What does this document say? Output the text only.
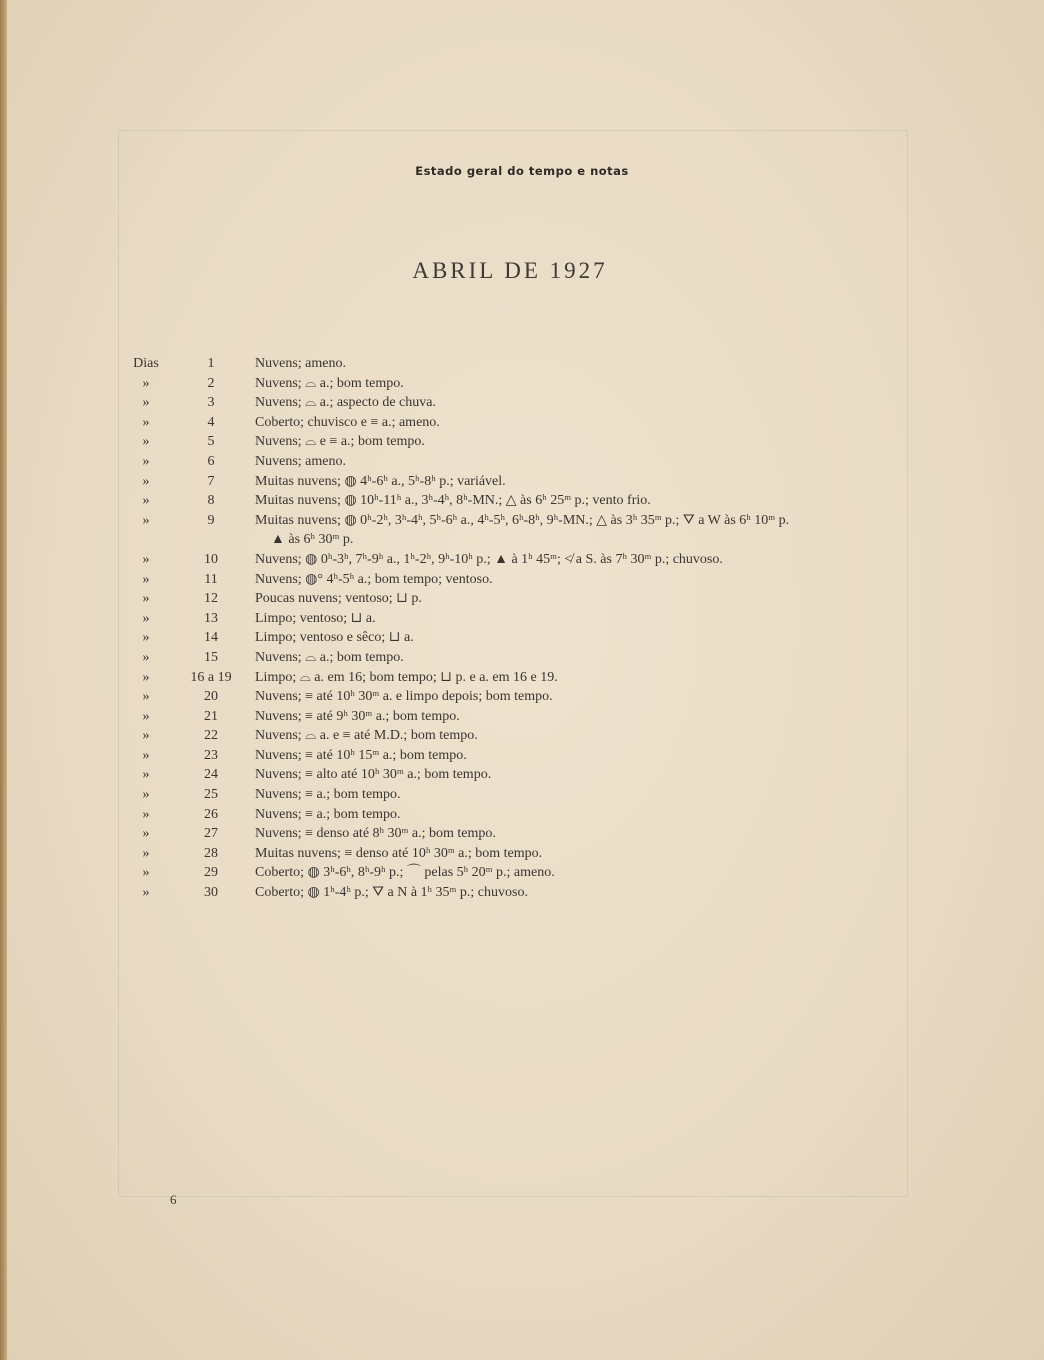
Estado geral do tempo e notas
ABRIL DE 1927
Dias	1	Nuvens; ameno.
»	2	Nuvens; ⌓ a.; bom tempo.
»	3	Nuvens; ⌓ a.; aspecto de chuva.
»	4	Coberto; chuvisco e ≡ a.; ameno.
»	5	Nuvens; ⌓ e ≡ a.; bom tempo.
»	6	Nuvens; ameno.
»	7	Muitas nuvens; ◍ 4ʰ-6ʰ a., 5ʰ-8ʰ p.; variável.
»	8	Muitas nuvens; ◍ 10ʰ-11ʰ a., 3ʰ-4ʰ, 8ʰ-MN.; △ às 6ʰ 25ᵐ p.; vento frio.
»	9	Muitas nuvens; ◍ 0ʰ-2ʰ, 3ʰ-4ʰ, 5ʰ-6ʰ a., 4ʰ-5ʰ, 6ʰ-8ʰ, 9ʰ-MN.; △ às 3ʰ 35ᵐ p.; ⛛ a W às 6ʰ 10ᵐ p.
▲ às 6ʰ 30ᵐ p.
»	10	Nuvens; ◍ 0ʰ-3ʰ, 7ʰ-9ʰ a., 1ʰ-2ʰ, 9ʰ-10ʰ p.; ▲ à 1ʰ 45ᵐ; ≮ a S. às 7ʰ 30ᵐ p.; chuvoso.
»	11	Nuvens; ◍° 4ʰ-5ʰ a.; bom tempo; ventoso.
»	12	Poucas nuvens; ventoso; ⊔ p.
»	13	Limpo; ventoso; ⊔ a.
»	14	Limpo; ventoso e sêco; ⊔ a.
»	15	Nuvens; ⌓ a.; bom tempo.
»	16 a 19	Limpo; ⌓ a. em 16; bom tempo; ⊔ p. e a. em 16 e 19.
»	20	Nuvens; ≡ até 10ʰ 30ᵐ a. e limpo depois; bom tempo.
»	21	Nuvens; ≡ até 9ʰ 30ᵐ a.; bom tempo.
»	22	Nuvens; ⌓ a. e ≡ até M.D.; bom tempo.
»	23	Nuvens; ≡ até 10ʰ 15ᵐ a.; bom tempo.
»	24	Nuvens; ≡ alto até 10ʰ 30ᵐ a.; bom tempo.
»	25	Nuvens; ≡ a.; bom tempo.
»	26	Nuvens; ≡ a.; bom tempo.
»	27	Nuvens; ≡ denso até 8ʰ 30ᵐ a.; bom tempo.
»	28	Muitas nuvens; ≡ denso até 10ʰ 30ᵐ a.; bom tempo.
»	29	Coberto; ◍ 3ʰ-6ʰ, 8ʰ-9ʰ p.; ⌒ pelas 5ʰ 20ᵐ p.; ameno.
»	30	Coberto; ◍ 1ʰ-4ʰ p.; ⛛ a N à 1ʰ 35ᵐ p.; chuvoso.
6
